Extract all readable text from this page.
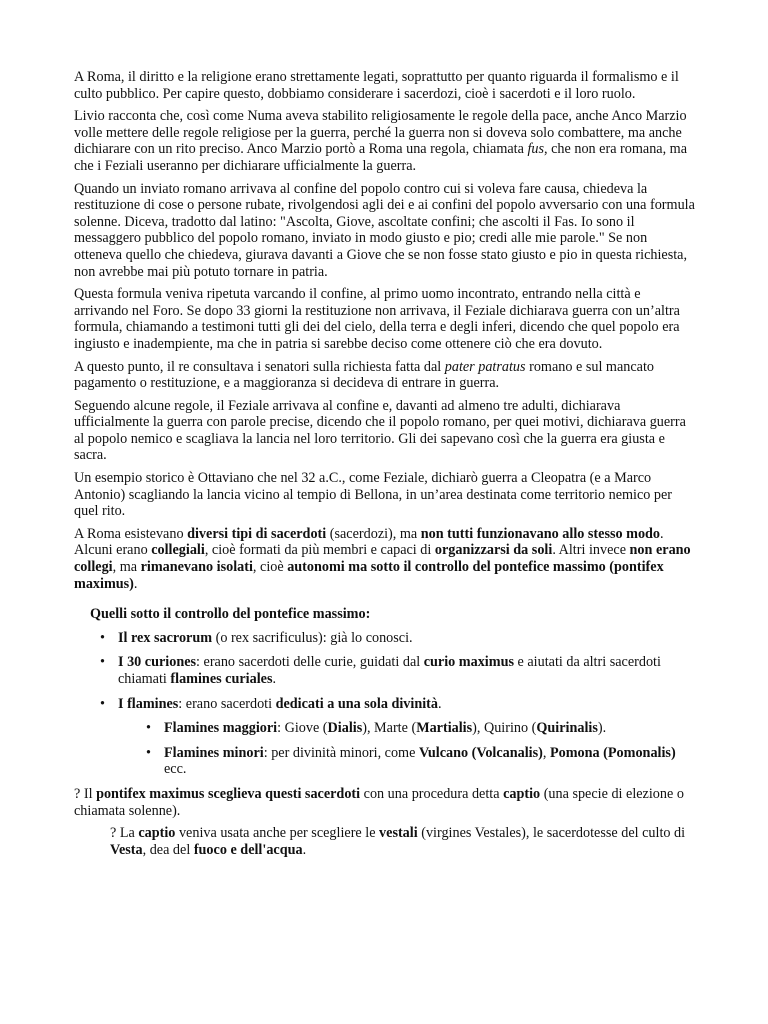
A Roma, il diritto e la religione erano strettamente legati, soprattutto per quanto riguarda il formalismo e il culto pubblico. Per capire questo, dobbiamo considerare i sacerdozi, cioè i sacerdoti e il loro ruolo.

Livio racconta che, così come Numa aveva stabilito religiosamente le regole della pace, anche Anco Marzio volle mettere delle regole religiose per la guerra, perché la guerra non si doveva solo combattere, ma anche dichiarare con un rito preciso. Anco Marzio portò a Roma una regola, chiamata fus, che non era romana, ma che i Feziali useranno per dichiarare ufficialmente la guerra.

Quando un inviato romano arrivava al confine del popolo contro cui si voleva fare causa, chiedeva la restituzione di cose o persone rubate, rivolgendosi agli dei e ai confini del popolo avversario con una formula solenne. Diceva, tradotto dal latino: "Ascolta, Giove, ascoltate confini; che ascolti il Fas. Io sono il messaggero pubblico del popolo romano, inviato in modo giusto e pio; credi alle mie parole." Se non otteneva quello che chiedeva, giurava davanti a Giove che se non fosse stato giusto e pio in questa richiesta, non avrebbe mai più potuto tornare in patria.

Questa formula veniva ripetuta varcando il confine, al primo uomo incontrato, entrando nella città e arrivando nel Foro. Se dopo 33 giorni la restituzione non arrivava, il Feziale dichiarava guerra con un’altra formula, chiamando a testimoni tutti gli dei del cielo, della terra e degli inferi, dicendo che quel popolo era ingiusto e inadempiente, ma che in patria si sarebbe deciso come ottenere ciò che era dovuto.

A questo punto, il re consultava i senatori sulla richiesta fatta dal pater patratus romano e sul mancato pagamento o restituzione, e a maggioranza si decideva di entrare in guerra.

Seguendo alcune regole, il Feziale arrivava al confine e, davanti ad almeno tre adulti, dichiarava ufficialmente la guerra con parole precise, dicendo che il popolo romano, per quei motivi, dichiarava guerra al popolo nemico e scagliava la lancia nel loro territorio. Gli dei sapevano così che la guerra era giusta e sacra.

Un esempio storico è Ottaviano che nel 32 a.C., come Feziale, dichiarò guerra a Cleopatra (e a Marco Antonio) scagliando la lancia vicino al tempio di Bellona, in un’area destinata come territorio nemico per quel rito.

A Roma esistevano diversi tipi di sacerdoti (sacerdozi), ma non tutti funzionavano allo stesso modo. Alcuni erano collegiali, cioè formati da più membri e capaci di organizzarsi da soli. Altri invece non erano collegi, ma rimanevano isolati, cioè autonomi ma sotto il controllo del pontefice massimo (pontifex maximus).

Quelli sotto il controllo del pontefice massimo:
• Il rex sacrorum (o rex sacrificulus): già lo conosci.
• I 30 curiones: erano sacerdoti delle curie, guidati dal curio maximus e aiutati da altri sacerdoti chiamati flamines curiales.
• I flamines: erano sacerdoti dedicati a una sola divinità.
• Flamines maggiori: Giove (Dialis), Marte (Martialis), Quirino (Quirinalis).
• Flamines minori: per divinità minori, come Vulcano (Volcanalis), Pomona (Pomonalis) ecc.

? Il pontifex maximus sceglieva questi sacerdoti con una procedura detta captio (una specie di elezione o chiamata solenne).

? La captio veniva usata anche per scegliere le vestali (virgines Vestales), le sacerdotesse del culto di Vesta, dea del fuoco e dell'acqua.
